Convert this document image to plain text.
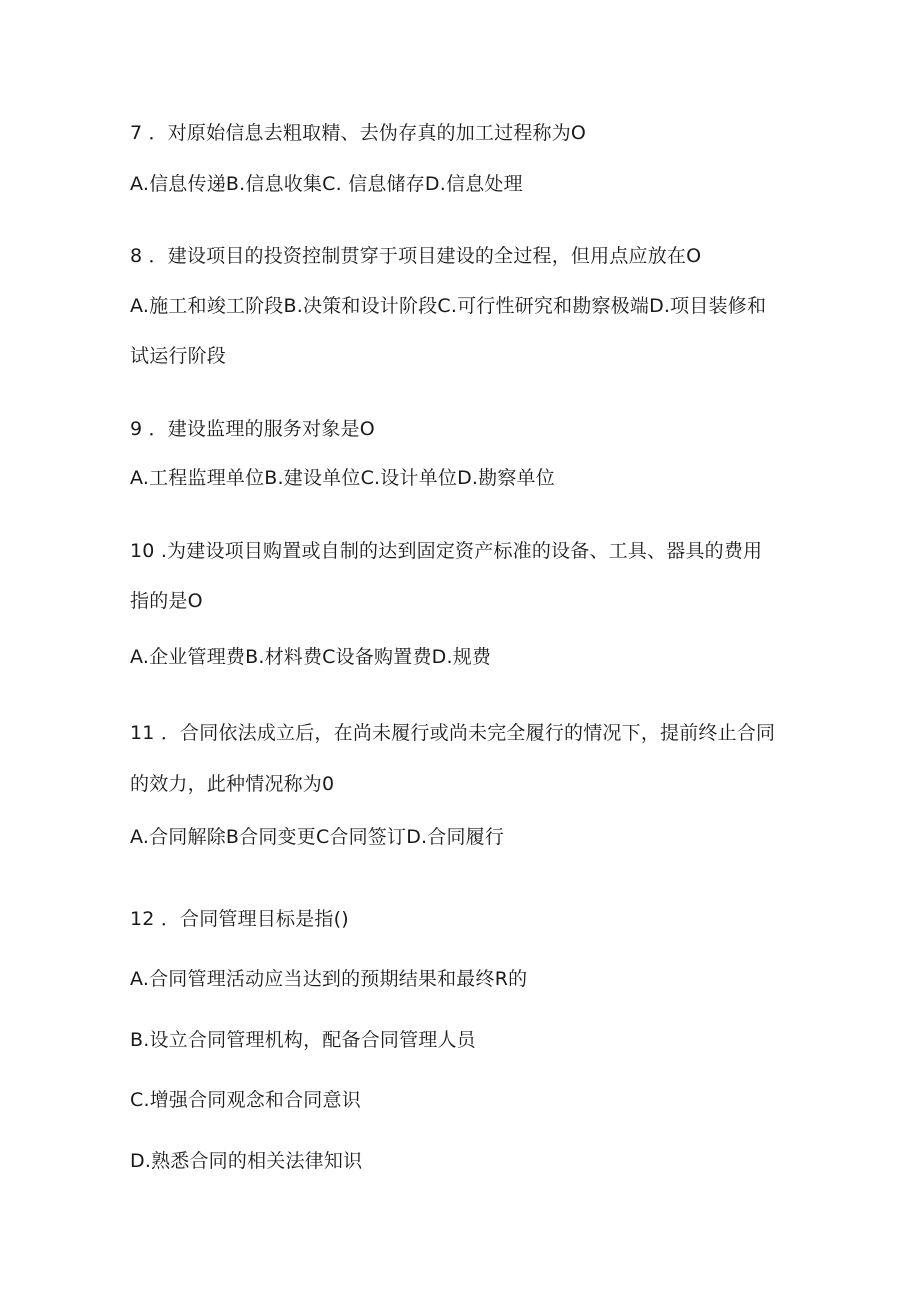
7 ．对原始信息去粗取精、去伪存真的加工过程称为O
A.信息传递B.信息收集C. 信息储存D.信息处理
8 ．建设项目的投资控制贯穿于项目建设的全过程，但用点应放在O
A.施工和竣工阶段B.决策和设计阶段C.可行性研究和勘察极端D.项目装修和
试运行阶段
9 ．建设监理的服务对象是O
A.工程监理单位B.建设单位C.设计单位D.勘察单位
10 .为建设项目购置或自制的达到固定资产标准的设备、工具、器具的费用
指的是O
A.企业管理费B.材料费C设备购置费D.规费
11 ．合同依法成立后，在尚未履行或尚未完全履行的情况下，提前终止合同
的效力，此种情况称为0
A.合同解除B合同变更C合同签订D.合同履行
12 ．合同管理目标是指()
A.合同管理活动应当达到的预期结果和最终R的
B.设立合同管理机构，配备合同管理人员
C.增强合同观念和合同意识
D.熟悉合同的相关法律知识
